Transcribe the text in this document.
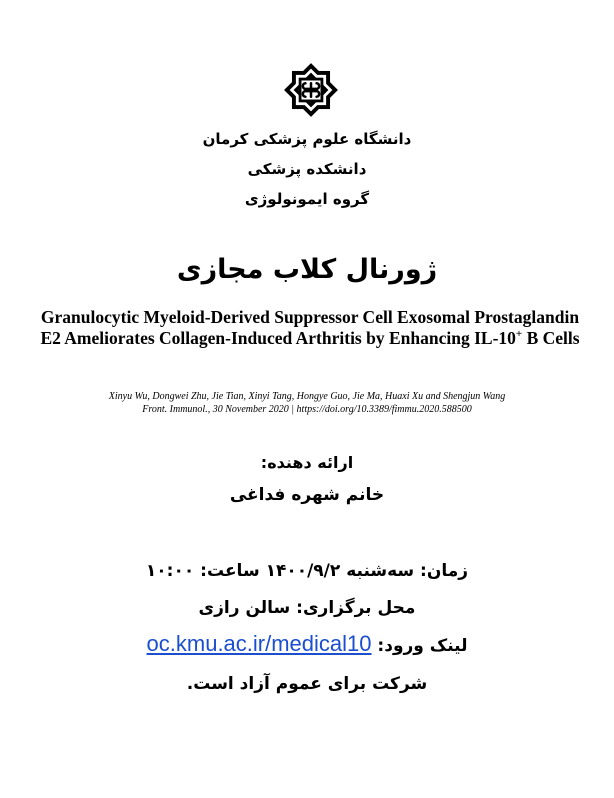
دانشگاه علوم پزشکی کرمان
دانشکده پزشکی
گروه ایمونولوژی
ژورنال کلاب مجازی
Granulocytic Myeloid-Derived Suppressor Cell Exosomal Prostaglandin E2 Ameliorates Collagen-Induced Arthritis by Enhancing IL-10+ B Cells
Xinyu Wu, Dongwei Zhu, Jie Tian, Xinyi Tang, Hongye Guo, Jie Ma, Huaxi Xu and Shengjun Wang
Front. Immunol., 30 November 2020 | https://doi.org/10.3389/fimmu.2020.588500
ارائه دهنده:
خانم شهره فداغی
زمان: سه‌شنبه ۱۴۰۰/۹/۲ ساعت: ۱۰:۰۰
محل برگزاری: سالن رازی
لینک ورود: oc.kmu.ac.ir/medical10
شرکت برای عموم آزاد است.
